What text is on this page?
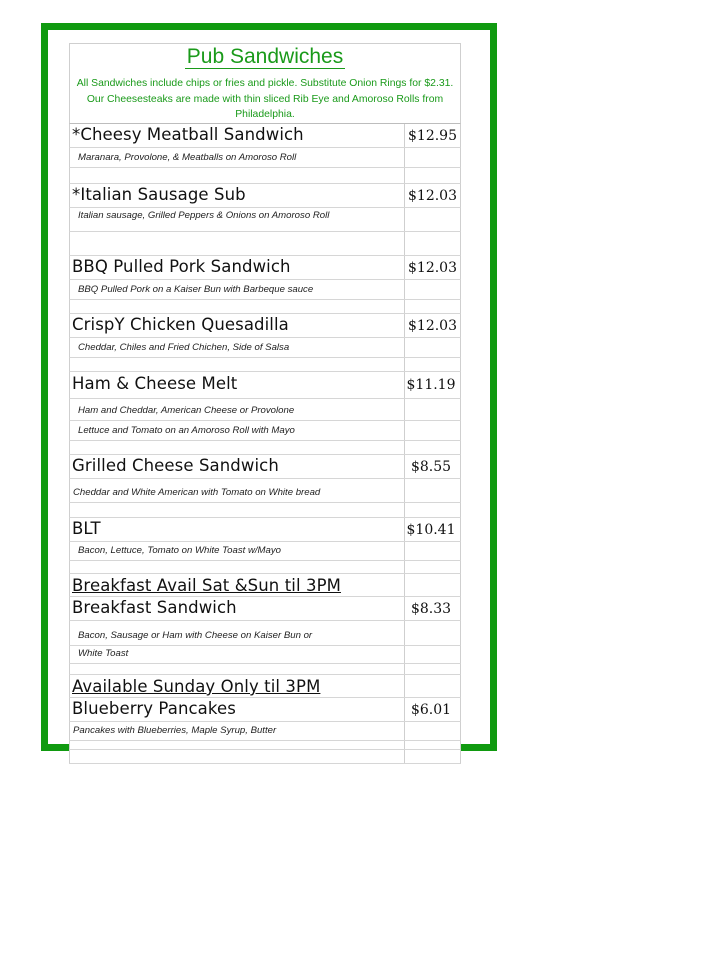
Pub Sandwiches
All Sandwiches include chips or fries and pickle. Substitute Onion Rings for $2.31. Our Cheesesteaks are made with thin sliced Rib Eye and Amoroso Rolls from Philadelphia.
*Cheesy Meatball Sandwich	$12.95
Maranara, Provolone, & Meatballs on Amoroso Roll
*Italian Sausage Sub	$12.03
Italian sausage, Grilled Peppers & Onions on Amoroso Roll
BBQ Pulled Pork Sandwich	$12.03
BBQ Pulled Pork on a Kaiser Bun with Barbeque sauce
CrispY Chicken Quesadilla	$12.03
Cheddar, Chiles and Fried Chichen, Side of Salsa
Ham & Cheese Melt	$11.19
Ham and Cheddar, American Cheese or Provolone
Lettuce and Tomato on an Amoroso Roll with Mayo
Grilled Cheese Sandwich	$8.55
Cheddar and White American with Tomato on White bread
BLT	$10.41
Bacon, Lettuce, Tomato on White Toast w/Mayo
Breakfast Avail Sat &Sun til 3PM
Breakfast Sandwich	$8.33
Bacon, Sausage or Ham with Cheese on Kaiser Bun or
White Toast
Available Sunday Only til 3PM
Blueberry Pancakes	$6.01
Pancakes with Blueberries, Maple Syrup, Butter
